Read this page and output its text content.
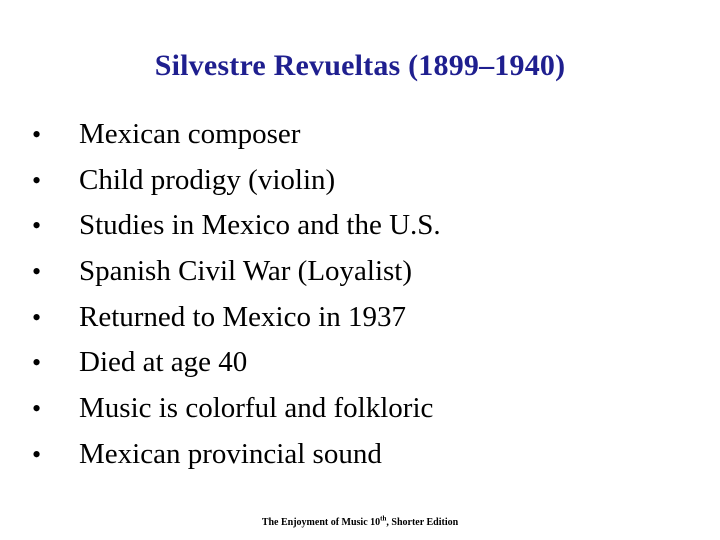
Silvestre Revueltas (1899–1940)
• Mexican composer
• Child prodigy (violin)
• Studies in Mexico and the U.S.
• Spanish Civil War (Loyalist)
• Returned to Mexico in 1937
• Died at age 40
• Music is colorful and folkloric
• Mexican provincial sound
The Enjoyment of Music 10th, Shorter Edition
